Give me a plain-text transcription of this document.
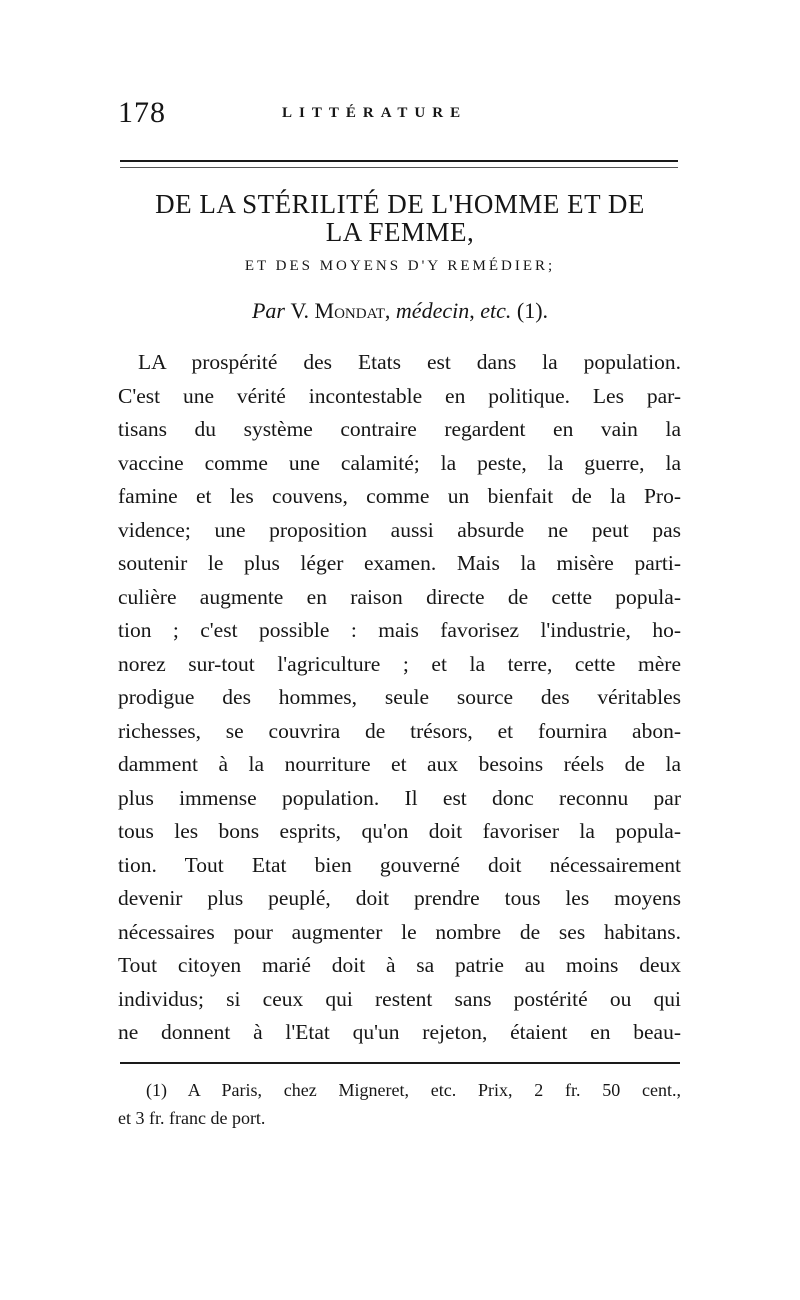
178	LITTÉRATURE
DE LA STÉRILITÉ DE L'HOMME ET DE
LA FEMME,
ET DES MOYENS D'Y REMÉDIER;
Par V. Mondat, médecin, etc. (1).
LA prospérité des Etats est dans la population.
C'est une vérité incontestable en politique. Les par-
tisans du système contraire regardent en vain la
vaccine comme une calamité; la peste, la guerre, la
famine et les couvens, comme un bienfait de la Pro-
vidence; une proposition aussi absurde ne peut pas
soutenir le plus léger examen. Mais la misère parti-
culière augmente en raison directe de cette popula-
tion ; c'est possible : mais favorisez l'industrie, ho-
norez sur-tout l'agriculture ; et la terre, cette mère
prodigue des hommes, seule source des véritables
richesses, se couvrira de trésors, et fournira abon-
damment à la nourriture et aux besoins réels de la
plus immense population. Il est donc reconnu par
tous les bons esprits, qu'on doit favoriser la popula-
tion. Tout Etat bien gouverné doit nécessairement
devenir plus peuplé, doit prendre tous les moyens
nécessaires pour augmenter le nombre de ses habitans.
Tout citoyen marié doit à sa patrie au moins deux
individus; si ceux qui restent sans postérité ou qui
ne donnent à l'Etat qu'un rejeton, étaient en beau-
(1) A Paris, chez Migneret, etc. Prix, 2 fr. 50 cent.,
et 3 fr. franc de port.
